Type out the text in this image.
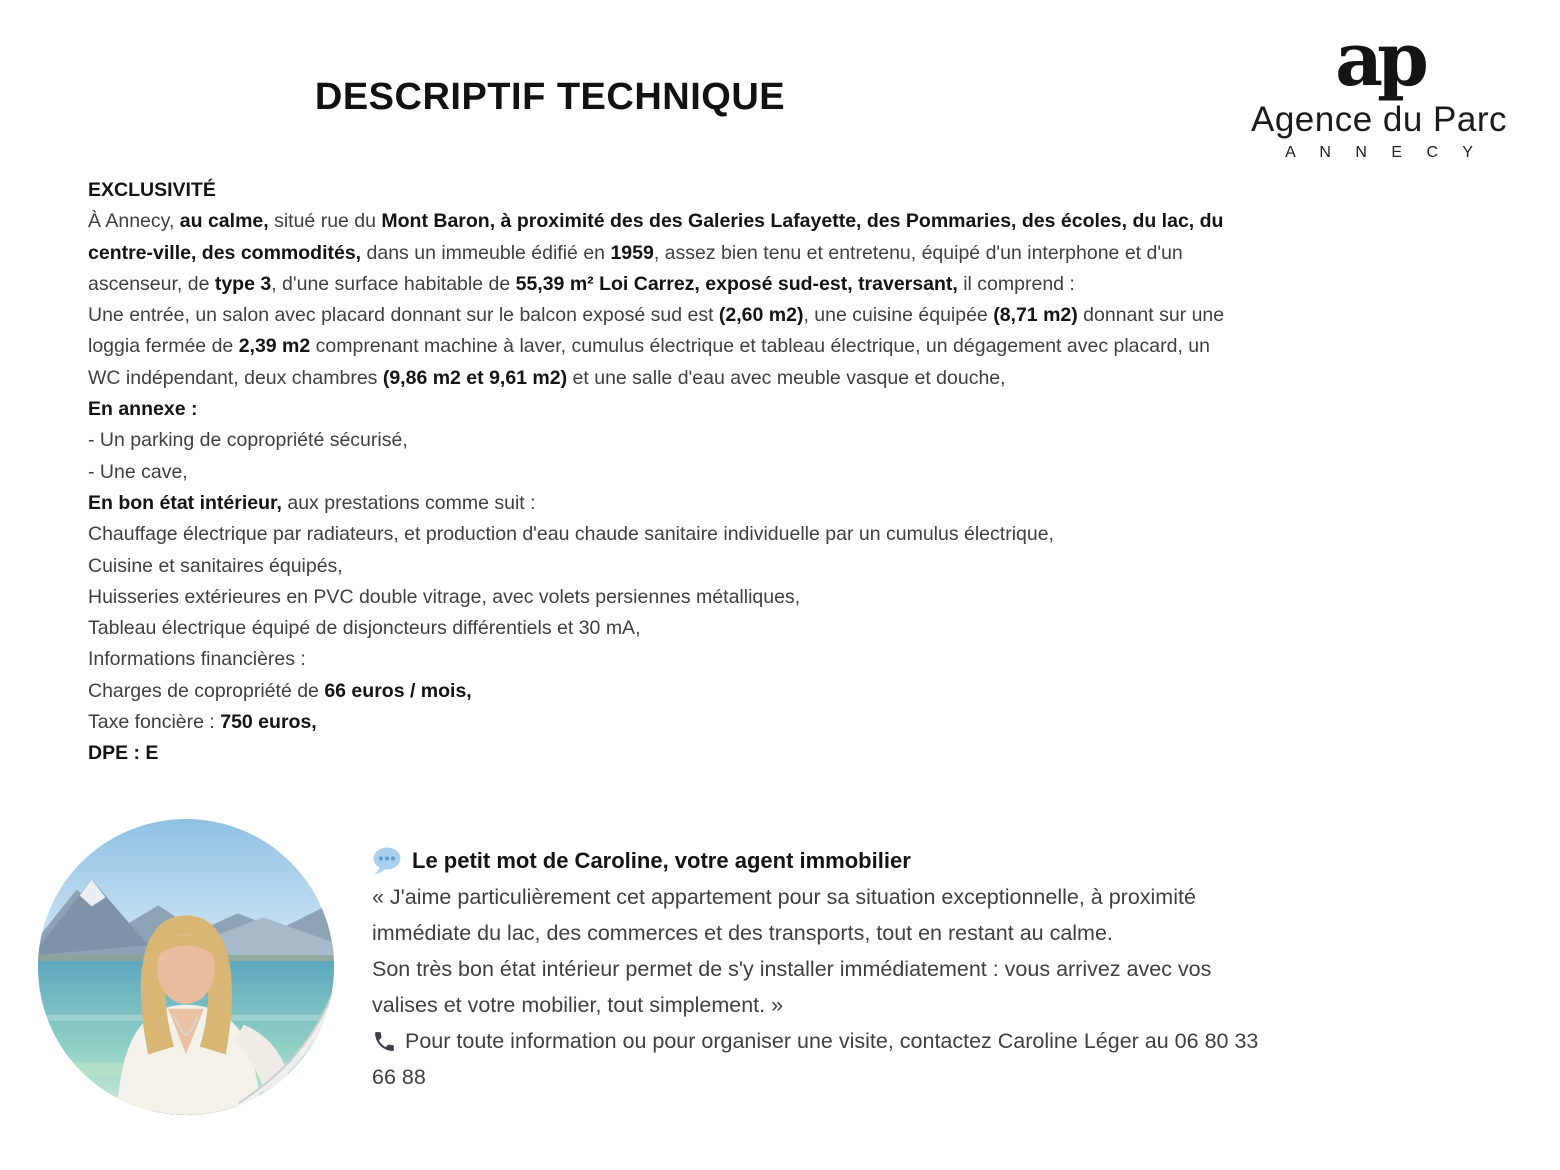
DESCRIPTIF TECHNIQUE	ap
Agence du Parc
A N N E C Y
EXCLUSIVITÉ
À Annecy, au calme, situé rue du Mont Baron, à proximité des des Galeries Lafayette, des Pommaries, des écoles, du lac, du
centre-ville, des commodités, dans un immeuble édifié en 1959, assez bien tenu et entretenu, équipé d'un interphone et d'un
ascenseur, de type 3, d'une surface habitable de 55,39 m² Loi Carrez, exposé sud-est, traversant, il comprend :
Une entrée, un salon avec placard donnant sur le balcon exposé sud est (2,60 m2), une cuisine équipée (8,71 m2) donnant sur une
loggia fermée de 2,39 m2 comprenant machine à laver, cumulus électrique et tableau électrique, un dégagement avec placard, un
WC indépendant, deux chambres (9,86 m2 et 9,61 m2) et une salle d'eau avec meuble vasque et douche,
En annexe :
- Un parking de copropriété sécurisé,
- Une cave,
En bon état intérieur, aux prestations comme suit :
Chauffage électrique par radiateurs, et production d'eau chaude sanitaire individuelle par un cumulus électrique,
Cuisine et sanitaires équipés,
Huisseries extérieures en PVC double vitrage, avec volets persiennes métalliques,
Tableau électrique équipé de disjoncteurs différentiels et 30 mA,
Informations financières :
Charges de copropriété de 66 euros / mois,
Taxe foncière : 750 euros,
DPE : E
Le petit mot de Caroline, votre agent immobilier
« J'aime particulièrement cet appartement pour sa situation exceptionnelle, à proximité
immédiate du lac, des commerces et des transports, tout en restant au calme.
Son très bon état intérieur permet de s'y installer immédiatement : vous arrivez avec vos
valises et votre mobilier, tout simplement. »
Pour toute information ou pour organiser une visite, contactez Caroline Léger au 06 80 33
66 88
